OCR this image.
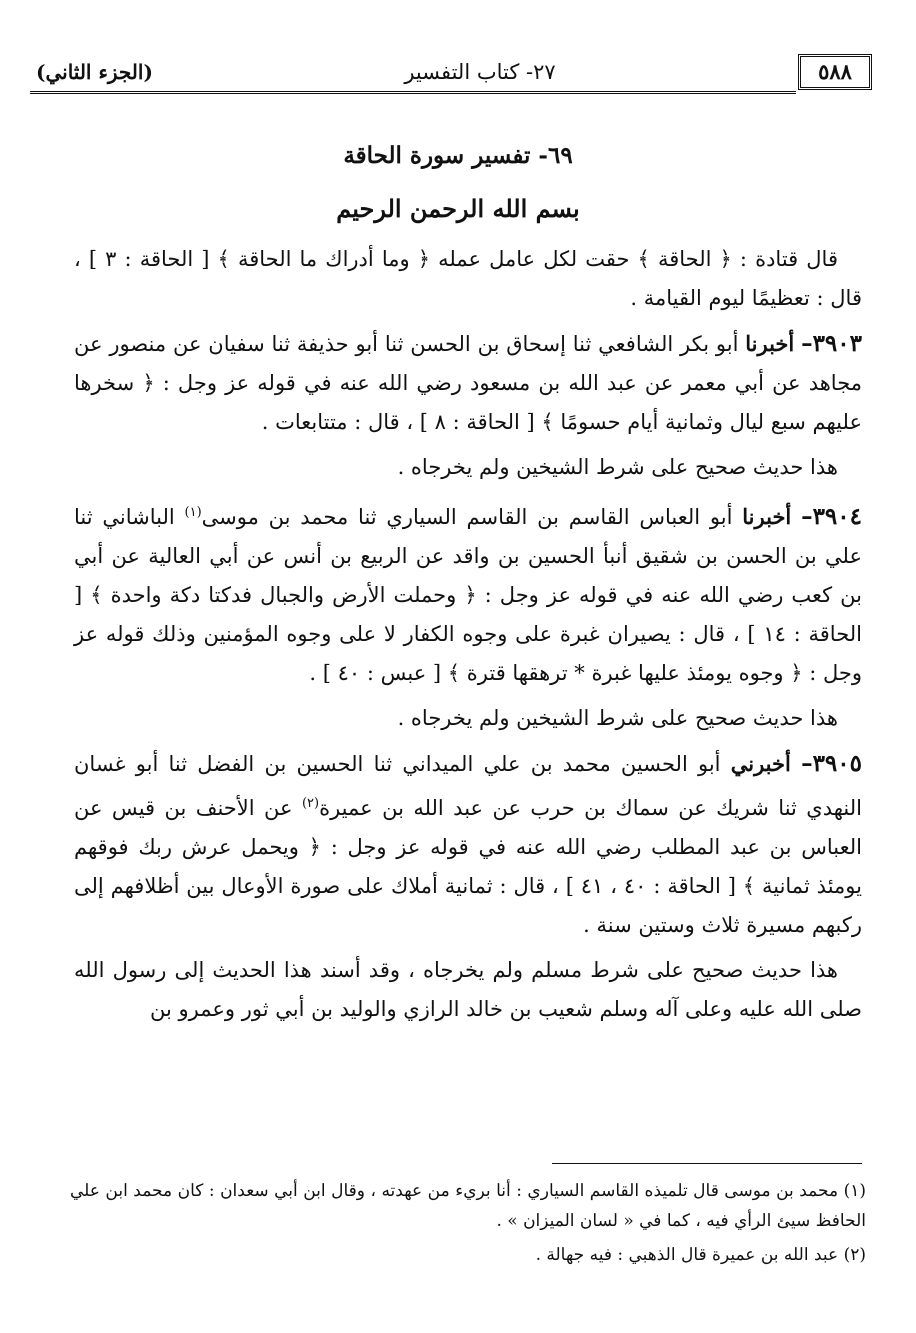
٥٨٨
٢٧- كتاب التفسير
(الجزء الثاني)
٦٩- تفسير سورة الحاقة
بسم الله الرحمن الرحيم

قال قتادة : ﴿ الحاقة ﴾ حقت لكل عامل عمله ﴿ وما أدراك ما الحاقة ﴾ [ الحاقة : ٣ ] ، قال : تعظيمًا ليوم القيامة .

٣٩٠٣– أخبرنا أبو بكر الشافعي ثنا إسحاق بن الحسن ثنا أبو حذيفة ثنا سفيان عن منصور عن مجاهد عن أبي معمر عن عبد الله بن مسعود رضي الله عنه في قوله عز وجل : ﴿ سخرها عليهم سبع ليال وثمانية أيام حسومًا ﴾ [ الحاقة : ٨ ] ، قال : متتابعات .

هذا حديث صحيح على شرط الشيخين ولم يخرجاه .

٣٩٠٤– أخبرنا أبو العباس القاسم بن القاسم السياري ثنا محمد بن موسى$^{(١)}$ الباشاني ثنا علي بن الحسن بن شقيق أنبأ الحسين بن واقد عن الربيع بن أنس عن أبي العالية عن أبي بن كعب رضي الله عنه في قوله عز وجل : ﴿ وحملت الأرض والجبال فدكتا دكة واحدة ﴾ [ الحاقة : ١٤ ] ، قال : يصيران غبرة على وجوه الكفار لا على وجوه المؤمنين وذلك قوله عز وجل : ﴿ وجوه يومئذ عليها غبرة * ترهقها قترة ﴾ [ عبس : ٤٠ ] .

هذا حديث صحيح على شرط الشيخين ولم يخرجاه .

٣٩٠٥– أخبرني أبو الحسين محمد بن علي الميداني ثنا الحسين بن الفضل ثنا أبو غسان النهدي ثنا شريك عن سماك بن حرب عن عبد الله بن عميرة$^{(٢)}$ عن الأحنف بن قيس عن العباس بن عبد المطلب رضي الله عنه في قوله عز وجل : ﴿ ويحمل عرش ربك فوقهم يومئذ ثمانية ﴾ [ الحاقة : ٤٠ ، ٤١ ] ، قال : ثمانية أملاك على صورة الأوعال بين أظلافهم إلى ركبهم مسيرة ثلاث وستين سنة .

هذا حديث صحيح على شرط مسلم ولم يخرجاه ، وقد أسند هذا الحديث إلى رسول الله صلى الله عليه وعلى آله وسلم شعيب بن خالد الرازي والوليد بن أبي ثور وعمرو بن

(١) محمد بن موسى قال تلميذه القاسم السياري : أنا بريء من عهدته ، وقال ابن أبي سعدان : كان محمد ابن علي الحافظ سيئ الرأي فيه ، كما في « لسان الميزان » .

(٢) عبد الله بن عميرة قال الذهبي : فيه جهالة .
